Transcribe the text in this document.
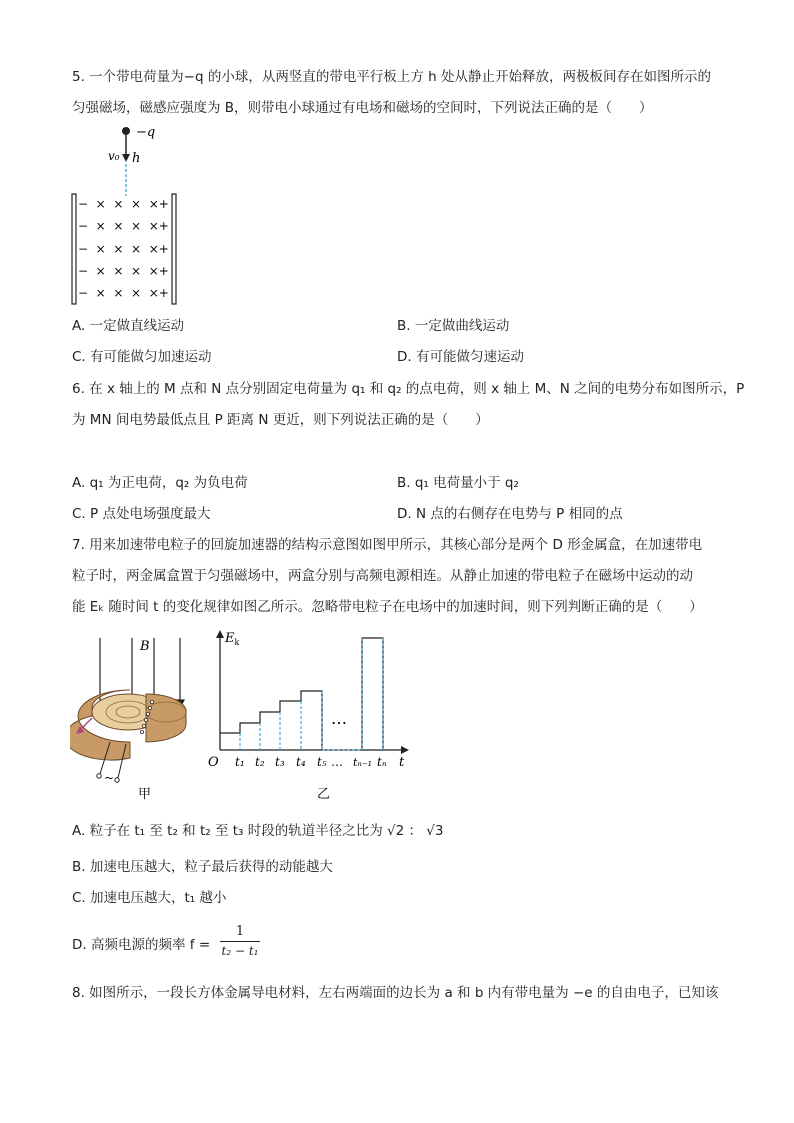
5. 一个带电荷量为−q 的小球，从两竖直的带电平行板上方 h 处从静止开始释放，两极板间存在如图所示的
匀强磁场，磁感应强度为 B，则带电小球通过有电场和磁场的空间时，下列说法正确的是（　　）
−q
v₀ h
−  ×  ×  ×  ×+
−  ×  ×  ×  ×+
−  ×  ×  ×  ×+
−  ×  ×  ×  ×+
−  ×  ×  ×  ×+
A. 一定做直线运动	B. 一定做曲线运动
C. 有可能做匀加速运动	D. 有可能做匀速运动
6. 在 x 轴上的 M 点和 N 点分别固定电荷量为 q₁ 和 q₂ 的点电荷，则 x 轴上 M、N 之间的电势分布如图所示，P
为 MN 间电势最低点且 P 距离 N 更近，则下列说法正确的是（　　）
A. q₁ 为正电荷，q₂ 为负电荷	B. q₁ 电荷量小于 q₂
C. P 点处电场强度最大	D. N 点的右侧存在电势与 P 相同的点
7. 用来加速带电粒子的回旋加速器的结构示意图如图甲所示，其核心部分是两个 D 形金属盒，在加速带电
粒子时，两金属盒置于匀强磁场中，两盒分别与高频电源相连。从静止加速的带电粒子在磁场中运动的动
能 Eₖ 随时间 t 的变化规律如图乙所示。忽略带电粒子在电场中的加速时间，则下列判断正确的是（　　）
B
~
甲
$E_k$
O	t
…
t₁ t₂ t₃ t₄ t₅ … tₙ₋₁ tₙ
乙
A. 粒子在 t₁ 至 t₂ 和 t₂ 至 t₃ 时段的轨道半径之比为 √2 ： √3
B. 加速电压越大，粒子最后获得的动能越大
C. 加速电压越大，t₁ 越小
D. 高频电源的频率 f =
1
t₂ − t₁
8. 如图所示，一段长方体金属导电材料，左右两端面的边长为 a 和 b 内有带电量为 −e 的自由电子，已知该
